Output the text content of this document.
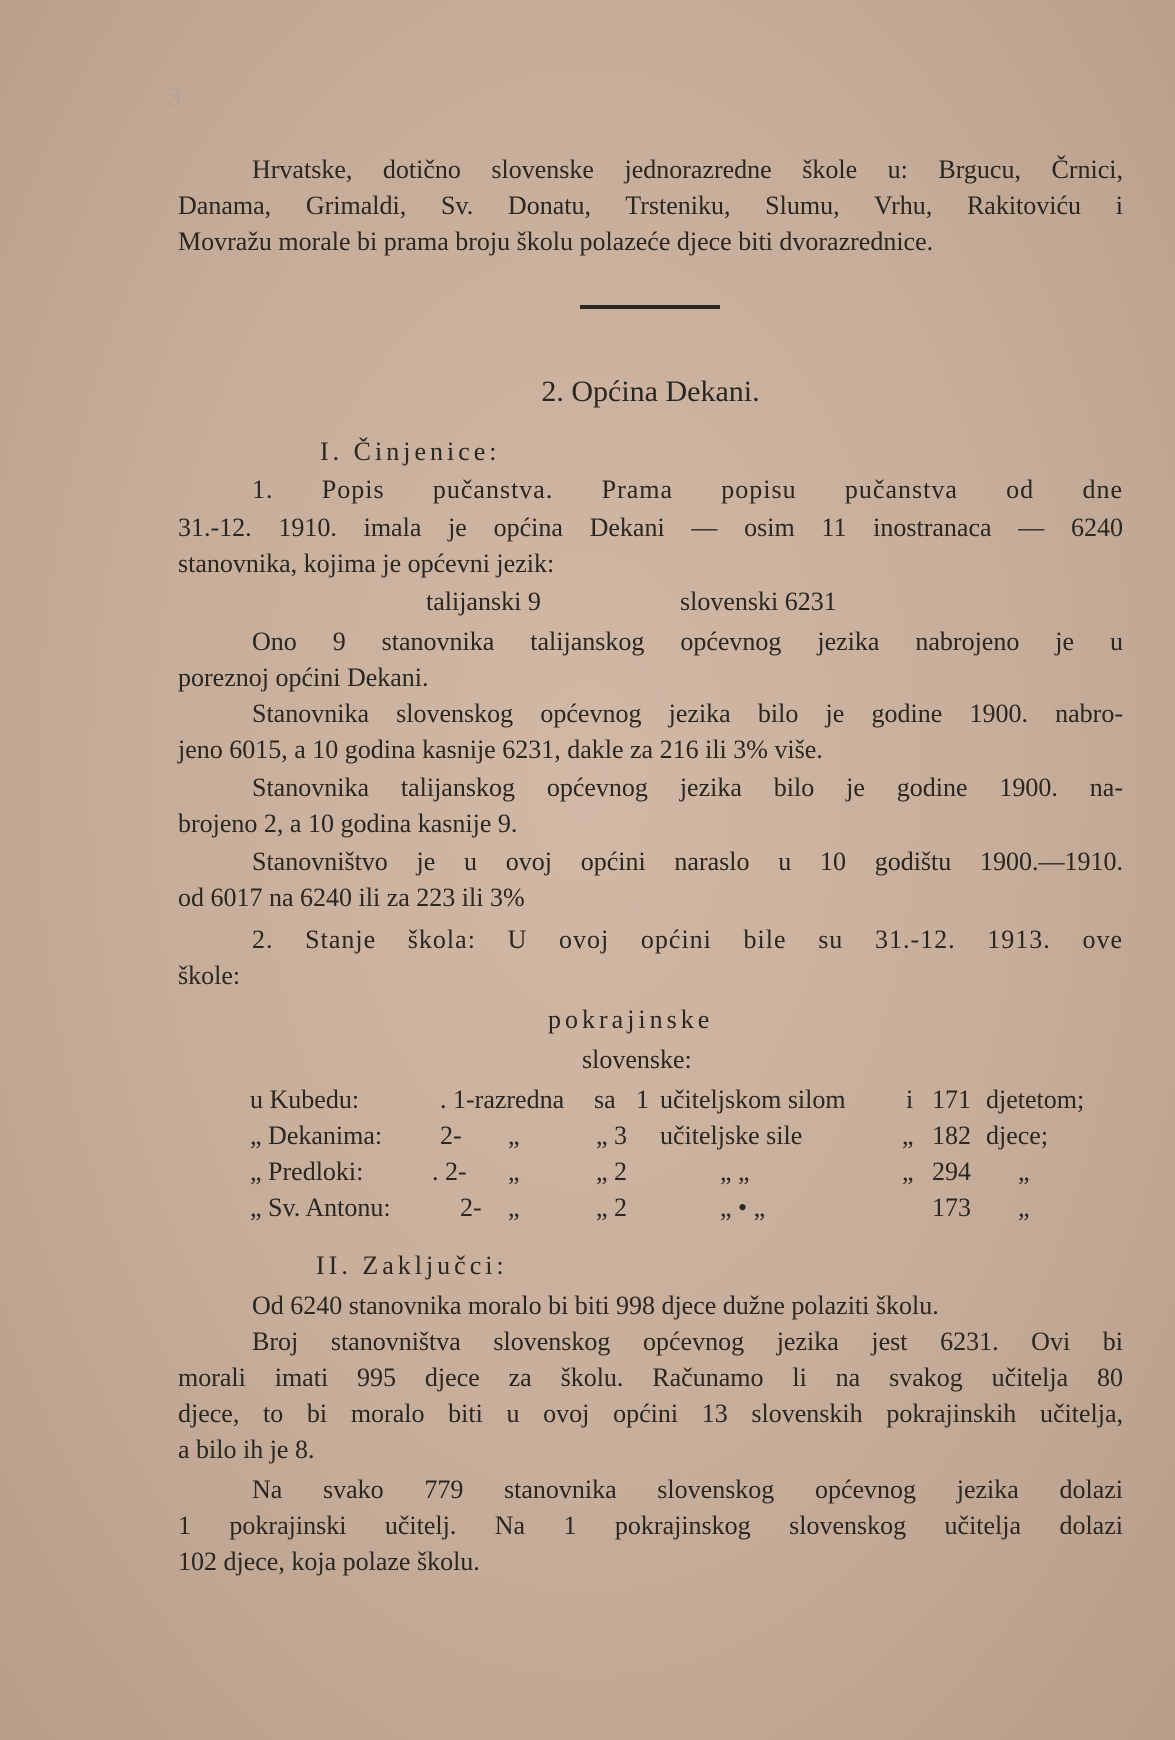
3
Hrvatske, dotično slovenske jednorazredne škole u: Brgucu, Črnici,
Danama, Grimaldi, Sv. Donatu, Trsteniku, Slumu, Vrhu, Rakitoviću i
Movražu morale bi prama broju školu polazeće djece biti dvorazrednice.
2. Općina Dekani.
I. Činjenice:
1. Popis pučanstva. Prama popisu pučanstva od dne
31.-12. 1910. imala je općina Dekani — osim 11 inostranaca — 6240
stanovnika, kojima je općevni jezik:
talijanski 9	slovenski 6231
Ono 9 stanovnika talijanskog općevnog jezika nabrojeno je u
poreznoj općini Dekani.
Stanovnika slovenskog općevnog jezika bilo je godine 1900. nabro-
jeno 6015, a 10 godina kasnije 6231, dakle za 216 ili 3% više.
Stanovnika talijanskog općevnog jezika bilo je godine 1900. na-
brojeno 2, a 10 godina kasnije 9.
Stanovništvo je u ovoj općini naraslo u 10 godištu 1900.—1910.
od 6017 na 6240 ili za 223 ili 3%
2. Stanje škola: U ovoj općini bile su 31.-12. 1913. ove
škole:
pokrajinske
slovenske:
u Kubedu:	. 1-razredna sa 1 učiteljskom silom i 171 djetetom;
„ Dekanima: 2- „	„ 3 učiteljske sile	„ 182 djece;
„ Predloki:	. 2- „	„ 2	„ „	„ 294 „
„ Sv. Antonu:	2- „	„ 2	„ • „	173 „
II. Zaključci:
Od 6240 stanovnika moralo bi biti 998 djece dužne polaziti školu.
Broj stanovništva slovenskog općevnog jezika jest 6231. Ovi bi
morali imati 995 djece za školu. Računamo li na svakog učitelja 80
djece, to bi moralo biti u ovoj općini 13 slovenskih pokrajinskih učitelja,
a bilo ih je 8.
Na svako 779 stanovnika slovenskog općevnog jezika dolazi
1 pokrajinski učitelj. Na 1 pokrajinskog slovenskog učitelja dolazi
102 djece, koja polaze školu.
